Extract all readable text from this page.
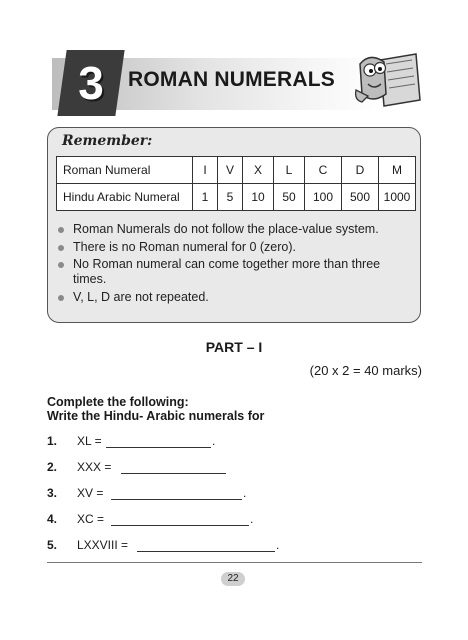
3	ROMAN NUMERALS
Remember:
Roman Numeral	I	V	X	L	C	D	M
Hindu Arabic Numeral	1	5	10	50	100	500	1000
Roman Numerals do not follow the place-value system.
There is no Roman numeral for 0 (zero).
No Roman numeral can come together more than three times.
V, L, D are not repeated.
PART – I
(20 x 2 = 40 marks)
Complete the following:
Write the Hindu- Arabic numerals for
1. XL =	.
2. XXX =
3. XV =	.
4. XC =	.
5. LXXVIII =	.
22
